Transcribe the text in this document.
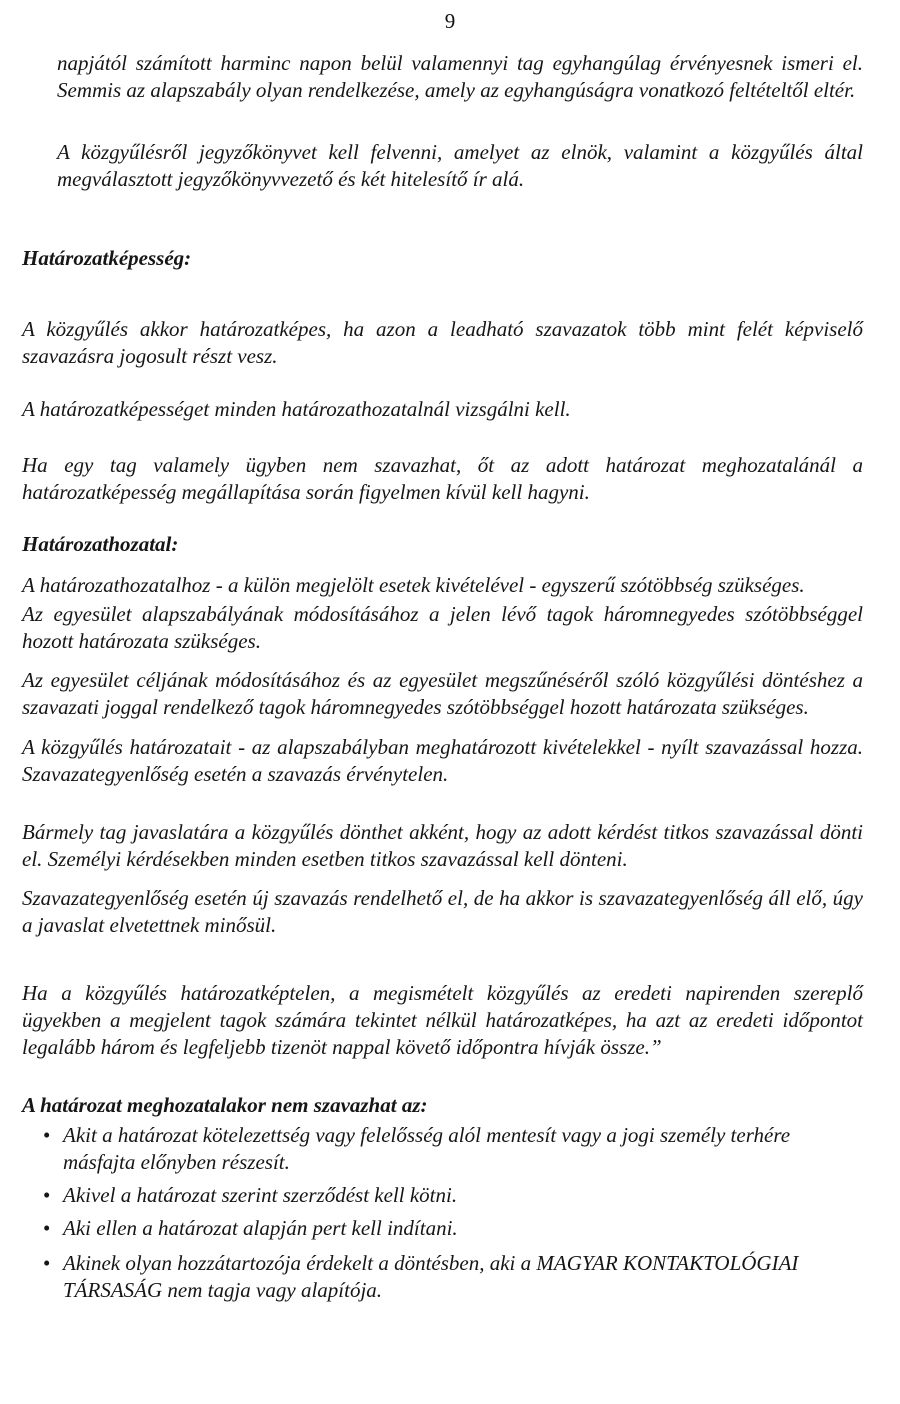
9

napjától számított harminc napon belül valamennyi tag egyhangúlag érvényesnek ismeri el. Semmis az alapszabály olyan rendelkezése, amely az egyhangúságra vonatkozó feltételtől eltér.

A közgyűlésről jegyzőkönyvet kell felvenni, amelyet az elnök, valamint a közgyűlés által megválasztott jegyzőkönyvvezető és két hitelesítő ír alá.

Határozatképesség:

A közgyűlés akkor határozatképes, ha azon a leadható szavazatok több mint felét képviselő szavazásra jogosult részt vesz.

A határozatképességet minden határozathozatalnál vizsgálni kell.

Ha egy tag valamely ügyben nem szavazhat, őt az adott határozat meghozatalánál a határozatképesség megállapítása során figyelmen kívül kell hagyni.

Határozathozatal:

A határozathozatalhoz - a külön megjelölt esetek kivételével - egyszerű szótöbbség szükséges.

Az egyesület alapszabályának módosításához a jelen lévő tagok háromnegyedes szótöbbséggel hozott határozata szükséges.

Az egyesület céljának módosításához és az egyesület megszűnéséről szóló közgyűlési döntéshez a szavazati joggal rendelkező tagok háromnegyedes szótöbbséggel hozott határozata szükséges.

A közgyűlés határozatait - az alapszabályban meghatározott kivételekkel - nyílt szavazással hozza. Szavazategyenlőség esetén a szavazás érvénytelen.

Bármely tag javaslatára a közgyűlés dönthet akként, hogy az adott kérdést titkos szavazással dönti el. Személyi kérdésekben minden esetben titkos szavazással kell dönteni.

Szavazategyenlőség esetén új szavazás rendelhető el, de ha akkor is szavazategyenlőség áll elő, úgy a javaslat elvetettnek minősül.

Ha a közgyűlés határozatképtelen, a megismételt közgyűlés az eredeti napirenden szereplő ügyekben a megjelent tagok számára tekintet nélkül határozatképes, ha azt az eredeti időpontot legalább három és legfeljebb tizenöt nappal követő időpontra hívják össze.”

A határozat meghozatalakor nem szavazhat az:

• Akit a határozat kötelezettség vagy felelősség alól mentesít vagy a jogi személy terhére másfajta előnyben részesít.
• Akivel a határozat szerint szerződést kell kötni.
• Aki ellen a határozat alapján pert kell indítani.
• Akinek olyan hozzátartozója érdekelt a döntésben, aki a MAGYAR KONTAKTOLÓGIAI TÁRSASÁG nem tagja vagy alapítója.
